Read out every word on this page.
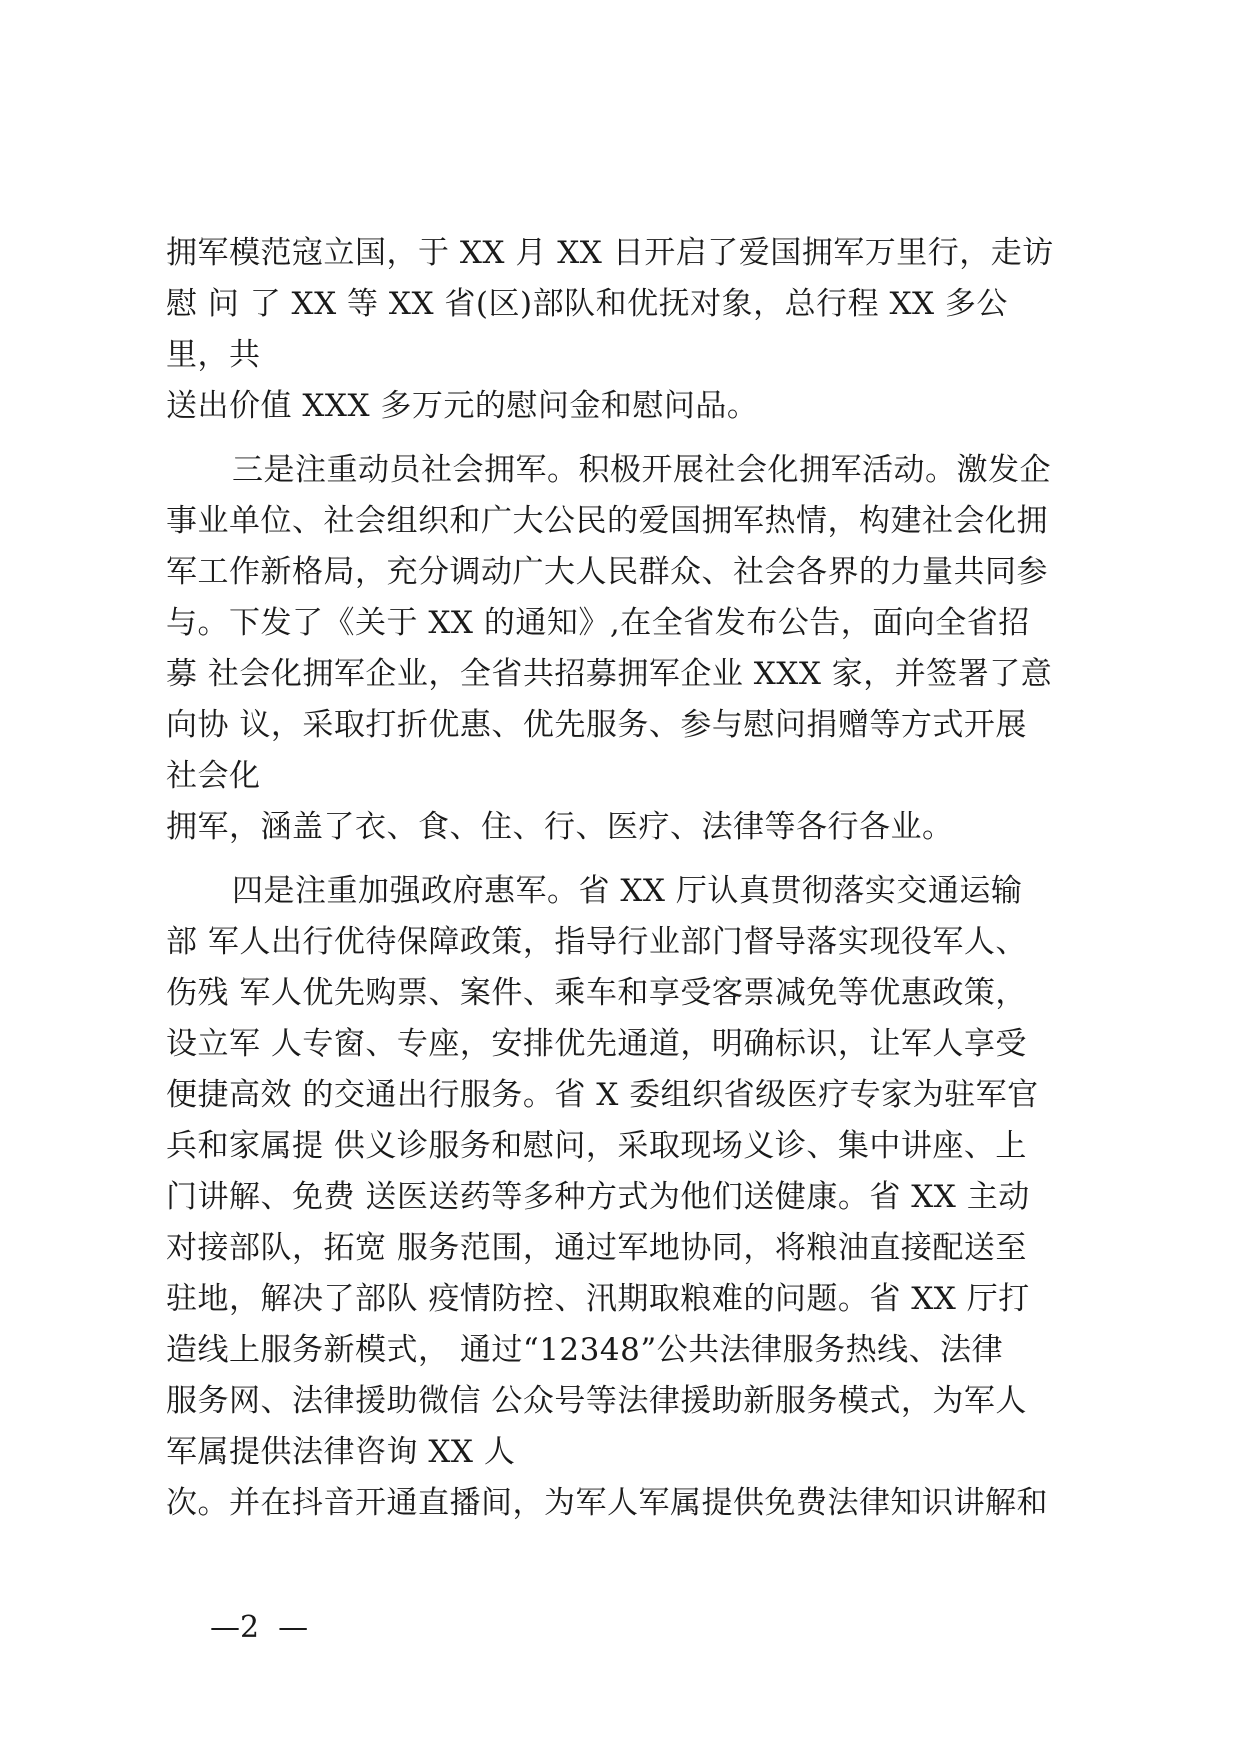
拥军模范寇立国，于 XX 月 XX 日开启了爱国拥军万里行，走访
慰 问 了 XX 等 XX 省(区)部队和优抚对象，总行程 XX 多公
里，共
送出价值 XXX 多万元的慰问金和慰问品。
三是注重动员社会拥军。积极开展社会化拥军活动。激发企
事业单位、社会组织和广大公民的爱国拥军热情，构建社会化拥
军工作新格局，充分调动广大人民群众、社会各界的力量共同参
与。下发了《关于 XX 的通知》,在全省发布公告，面向全省招
募 社会化拥军企业，全省共招募拥军企业 XXX 家，并签署了意
向协 议，采取打折优惠、优先服务、参与慰问捐赠等方式开展
社会化
拥军，涵盖了衣、食、住、行、医疗、法律等各行各业。
四是注重加强政府惠军。省 XX 厅认真贯彻落实交通运输
部 军人出行优待保障政策，指导行业部门督导落实现役军人、
伤残 军人优先购票、案件、乘车和享受客票减免等优惠政策，
设立军 人专窗、专座，安排优先通道，明确标识，让军人享受
便捷高效 的交通出行服务。省 X 委组织省级医疗专家为驻军官
兵和家属提 供义诊服务和慰问，采取现场义诊、集中讲座、上
门讲解、免费 送医送药等多种方式为他们送健康。省 XX 主动
对接部队，拓宽 服务范围，通过军地协同，将粮油直接配送至
驻地，解决了部队 疫情防控、汛期取粮难的问题。省 XX 厅打
造线上服务新模式， 通过“12348”公共法律服务热线、法律
服务网、法律援助微信 公众号等法律援助新服务模式，为军人
军属提供法律咨询 XX 人
次。并在抖音开通直播间，为军人军属提供免费法律知识讲解和
—2  —
